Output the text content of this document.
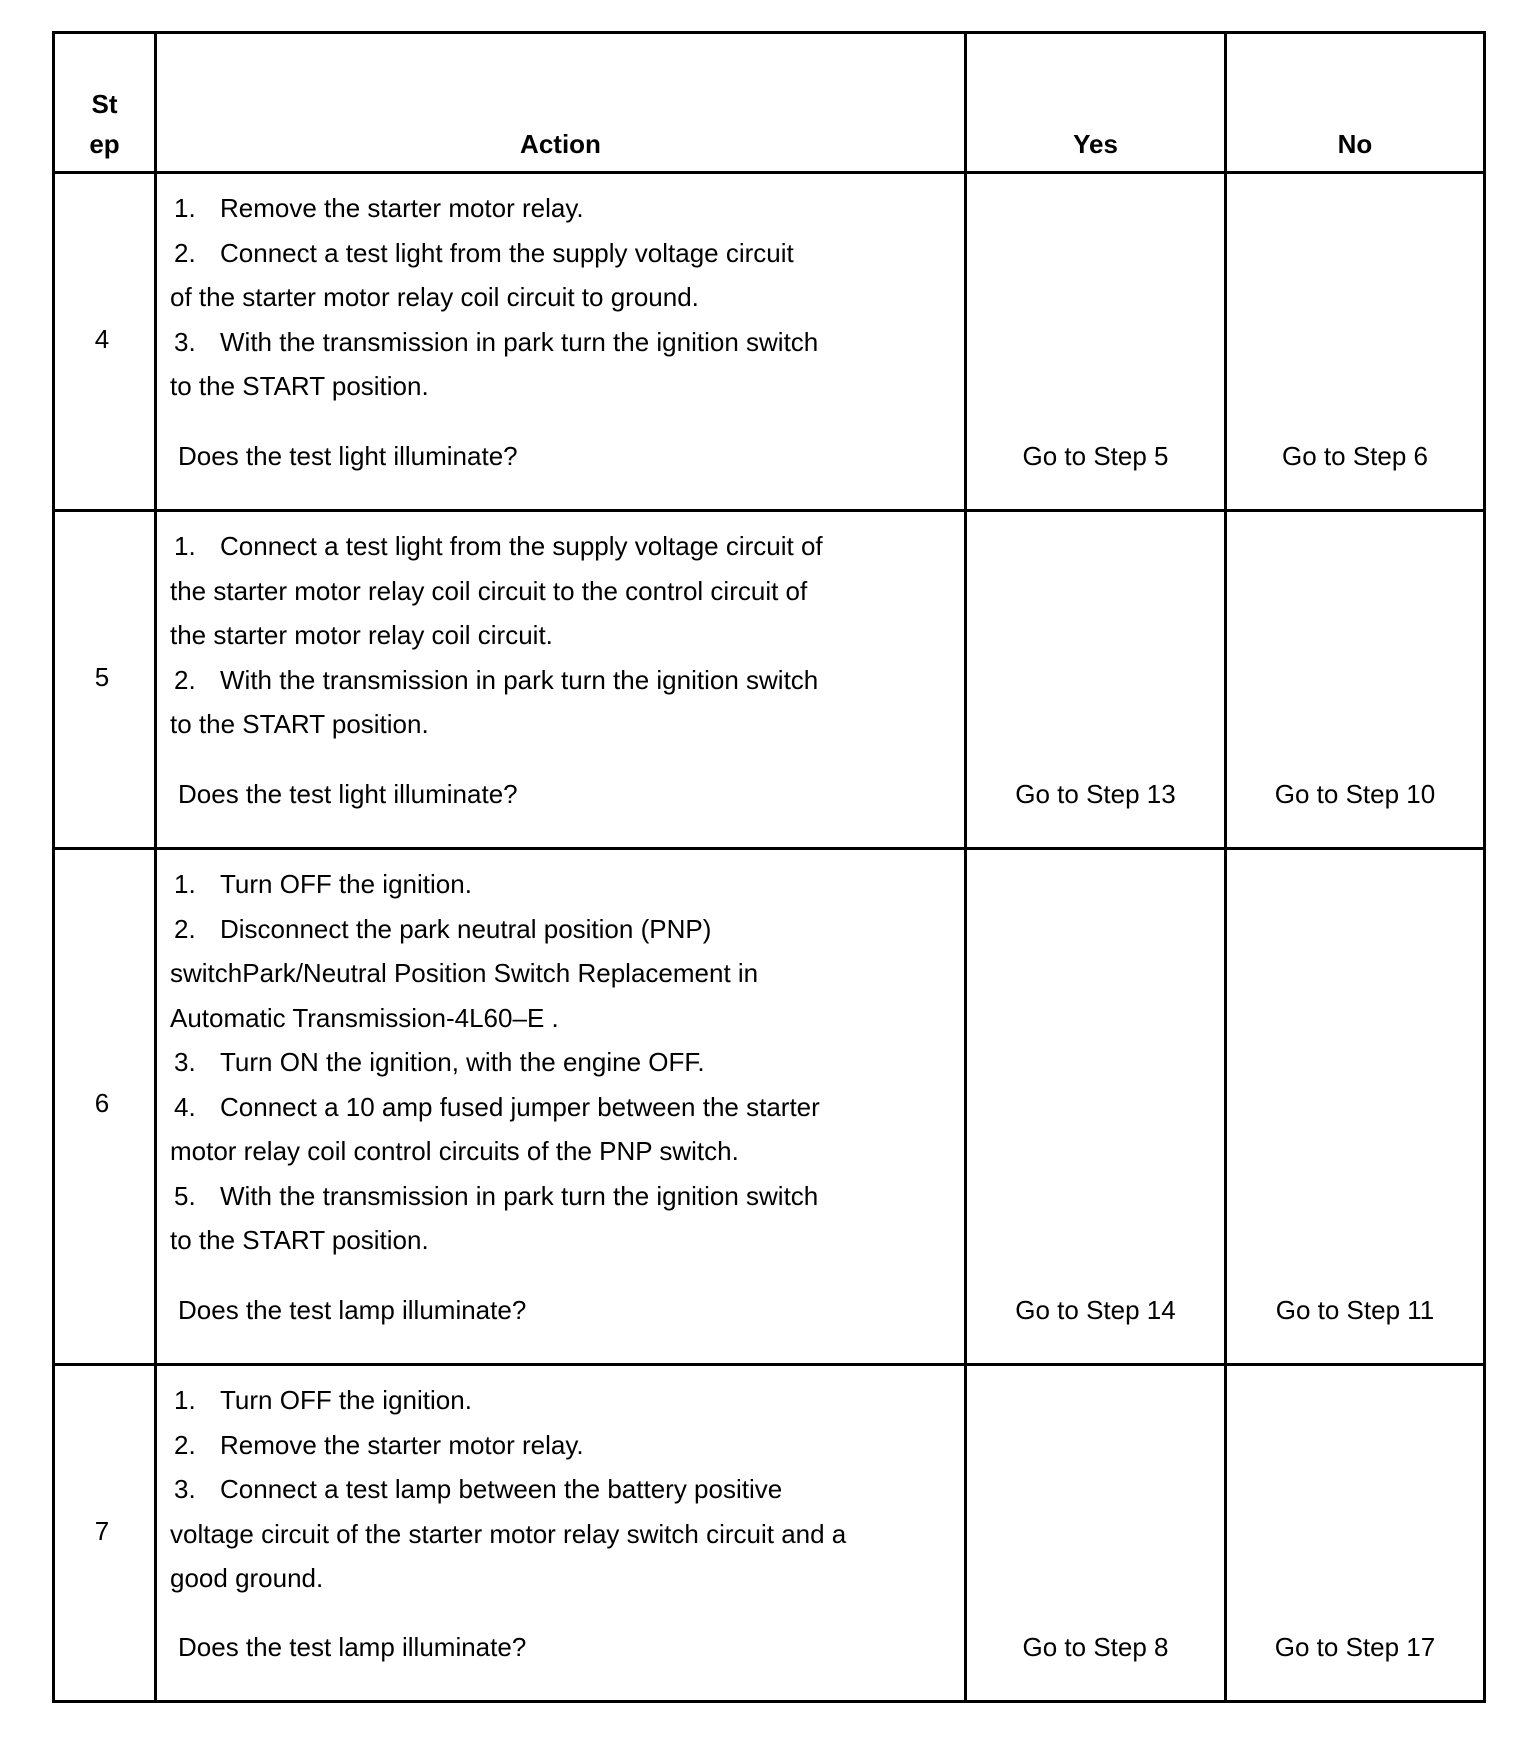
St
ep	Action	Yes	No
4
1. Remove the starter motor relay.
2. Connect a test light from the supply voltage circuit
of the starter motor relay coil circuit to ground.
3. With the transmission in park turn the ignition switch
to the START position.
Does the test light illuminate?	Go to Step 5	Go to Step 6
5
1. Connect a test light from the supply voltage circuit of
the starter motor relay coil circuit to the control circuit of
the starter motor relay coil circuit.
2. With the transmission in park turn the ignition switch
to the START position.
Does the test light illuminate?	Go to Step 13	Go to Step 10
6
1. Turn OFF the ignition.
2. Disconnect the park neutral position (PNP)
switchPark/Neutral Position Switch Replacement in
Automatic Transmission-4L60–E .
3. Turn ON the ignition, with the engine OFF.
4. Connect a 10 amp fused jumper between the starter
motor relay coil control circuits of the PNP switch.
5. With the transmission in park turn the ignition switch
to the START position.
Does the test lamp illuminate?	Go to Step 14	Go to Step 11
7
1. Turn OFF the ignition.
2. Remove the starter motor relay.
3. Connect a test lamp between the battery positive
voltage circuit of the starter motor relay switch circuit and a
good ground.
Does the test lamp illuminate?	Go to Step 8	Go to Step 17
